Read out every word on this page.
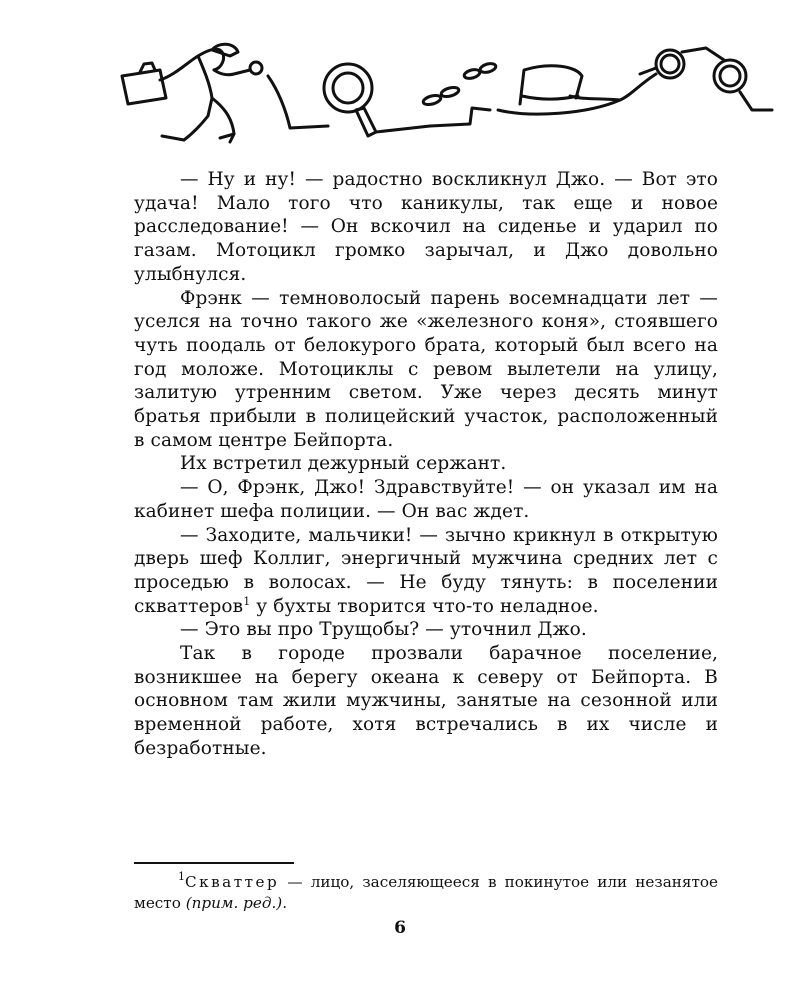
— Ну и ну! — радостно воскликнул Джо. — Вот это удача! Мало того что каникулы, так еще и новое расследование! — Он вскочил на сиденье и ударил по газам. Мотоцикл громко зарычал, и Джо довольно улыбнулся.

Фрэнк — темноволосый парень восемнадцати лет — уселся на точно такого же «железного коня», стоявшего чуть поодаль от белокурого брата, который был всего на год моложе. Мотоциклы с ревом вылетели на улицу, залитую утренним светом. Уже через десять минут братья прибыли в полицейский участок, расположенный в самом центре Бейпорта.

Их встретил дежурный сержант.

— О, Фрэнк, Джо! Здравствуйте! — он указал им на кабинет шефа полиции. — Он вас ждет.

— Заходите, мальчики! — зычно крикнул в открытую дверь шеф Коллиг, энергичный мужчина средних лет с проседью в волосах. — Не буду тянуть: в поселении скваттеров$^1$ у бухты творится что-то неладное.

— Это вы про Трущобы? — уточнил Джо.

Так в городе прозвали барачное поселение, возникшее на берегу океана к северу от Бейпорта. В основном там жили мужчины, занятые на сезонной или временной работе, хотя встречались в их числе и безработные.

$^1$Скваттер — лицо, заселяющееся в покинутое или незанятое место (прим. ред.).

6
